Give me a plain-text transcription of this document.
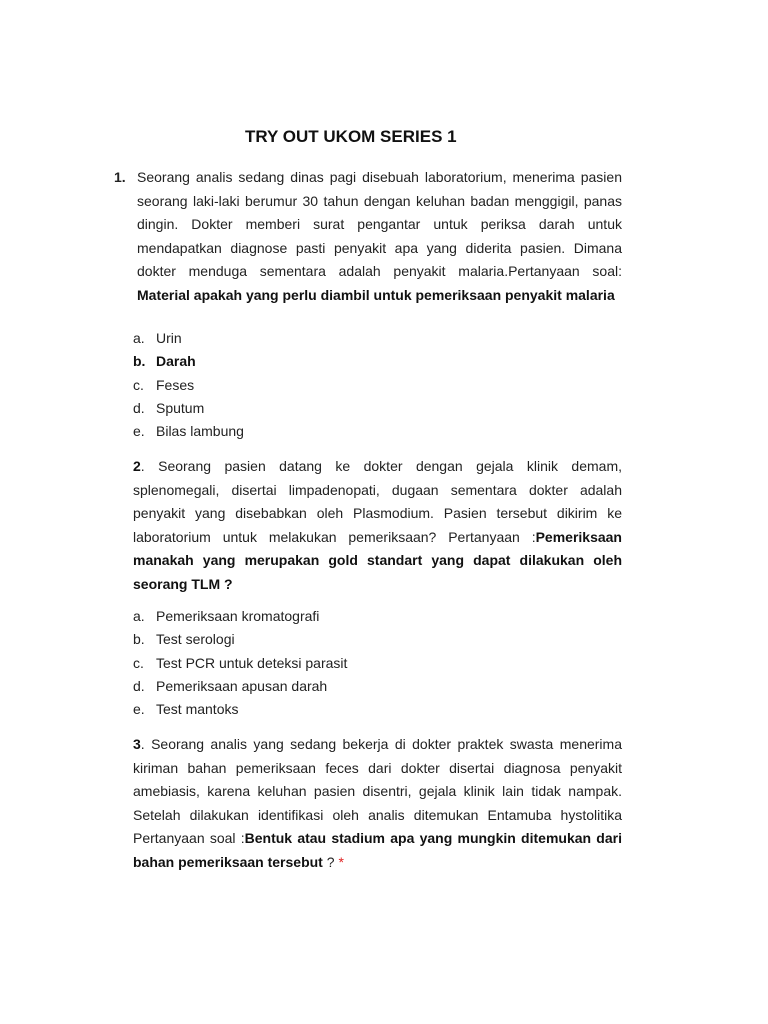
TRY OUT UKOM SERIES 1
1. Seorang analis sedang dinas pagi disebuah laboratorium, menerima pasien seorang laki-laki berumur 30 tahun dengan keluhan badan menggigil, panas dingin. Dokter memberi surat pengantar untuk periksa darah untuk mendapatkan diagnose pasti penyakit apa yang diderita pasien. Dimana dokter menduga sementara adalah penyakit malaria.Pertanyaan soal: Material apakah yang perlu diambil untuk pemeriksaan penyakit malaria
a. Urin
b. Darah
c. Feses
d. Sputum
e. Bilas lambung
2. Seorang pasien datang ke dokter dengan gejala klinik demam, splenomegali, disertai limpadenopati, dugaan sementara dokter adalah penyakit yang disebabkan oleh Plasmodium. Pasien tersebut dikirim ke laboratorium untuk melakukan pemeriksaan? Pertanyaan :Pemeriksaan manakah yang merupakan gold standart yang dapat dilakukan oleh seorang TLM ?
a. Pemeriksaan kromatografi
b. Test serologi
c. Test PCR untuk deteksi parasit
d. Pemeriksaan apusan darah
e. Test mantoks
3. Seorang analis yang sedang bekerja di dokter praktek swasta menerima kiriman bahan pemeriksaan feces dari dokter disertai diagnosa penyakit amebiasis, karena keluhan pasien disentri, gejala klinik lain tidak nampak. Setelah dilakukan identifikasi oleh analis ditemukan Entamuba hystolitika Pertanyaan soal :Bentuk atau stadium apa yang mungkin ditemukan dari bahan pemeriksaan tersebut ? *
